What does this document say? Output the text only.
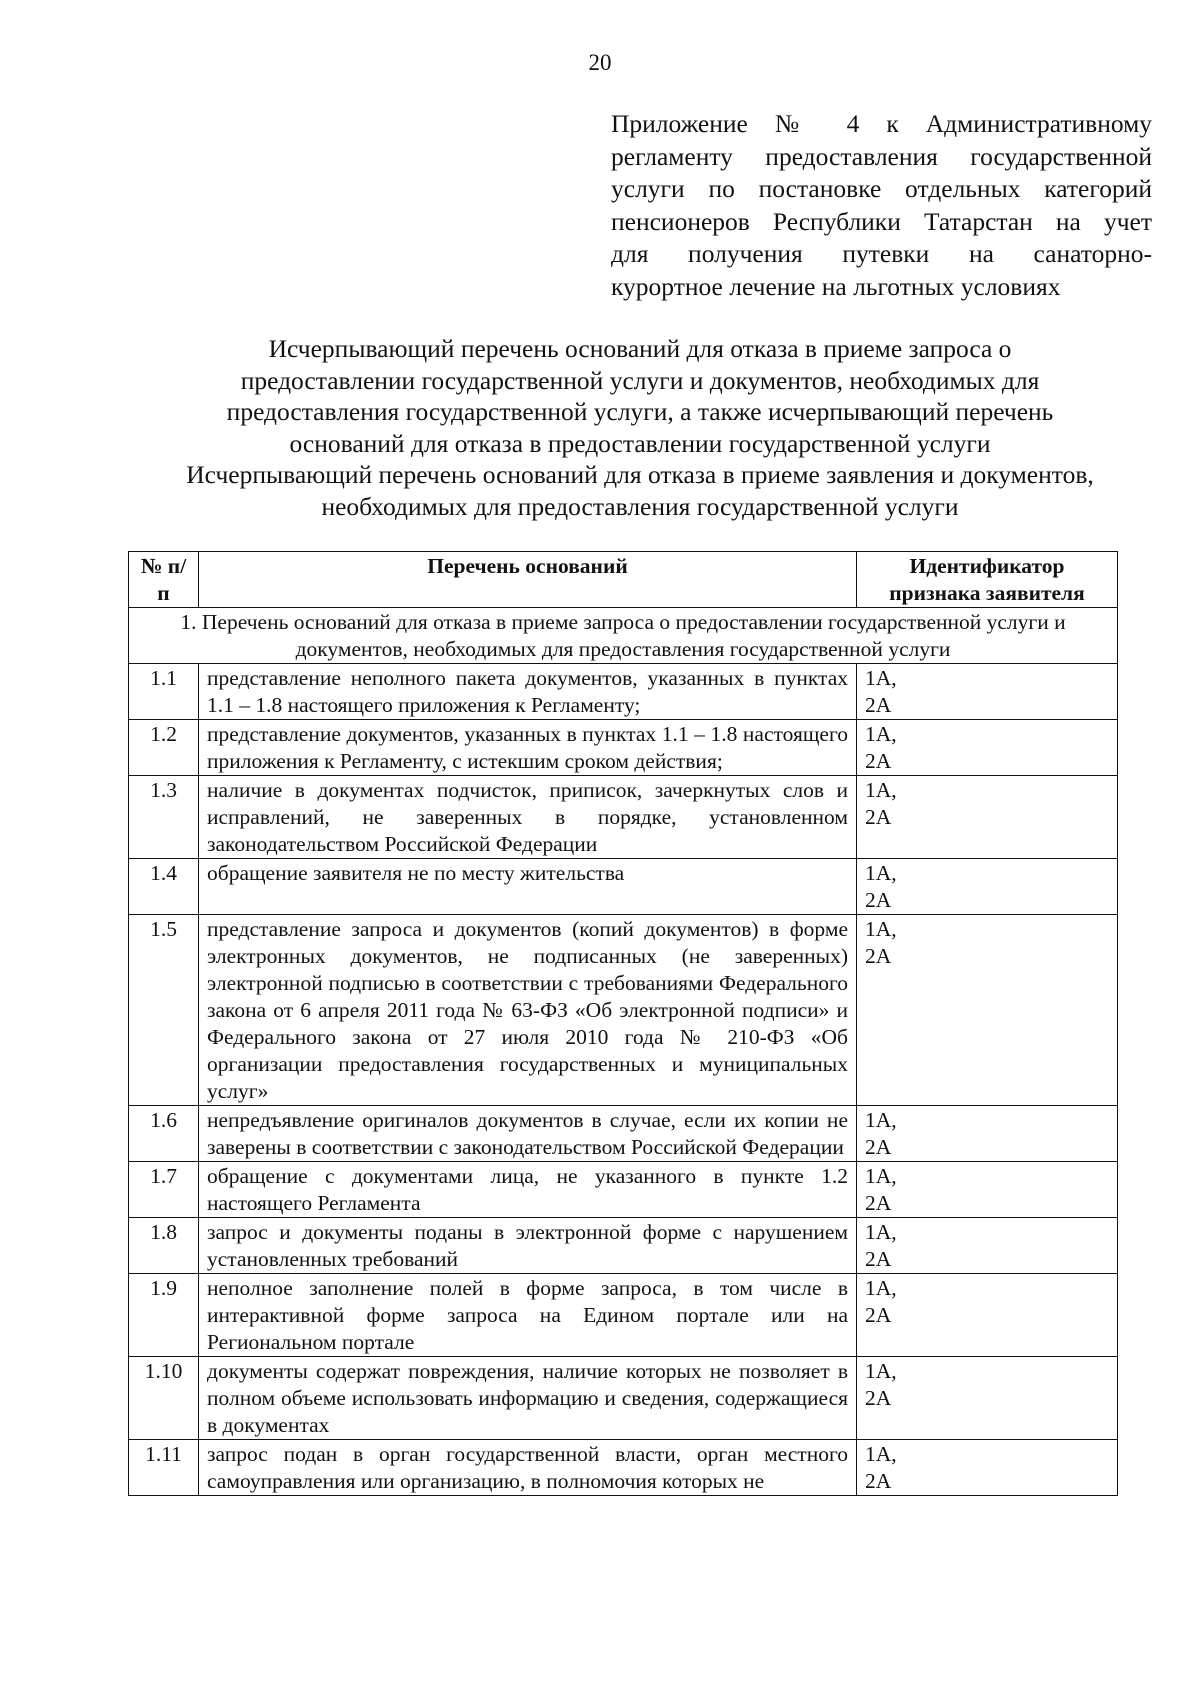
20
Приложение № 4 к Административному
регламенту предоставления государственной
услуги по постановке отдельных категорий
пенсионеров Республики Татарстан на учет
для получения путевки на санаторно-
курортное лечение на льготных условиях
Исчерпывающий перечень оснований для отказа в приеме запроса о
предоставлении государственной услуги и документов, необходимых для
предоставления государственной услуги, а также исчерпывающий перечень
оснований для отказа в предоставлении государственной услуги
Исчерпывающий перечень оснований для отказа в приеме заявления и документов,
необходимых для предоставления государственной услуги
№ п/п	Перечень оснований	Идентификатор признака заявителя
1. Перечень оснований для отказа в приеме запроса о предоставлении государственной услуги и документов, необходимых для предоставления государственной услуги		
1.1	представление неполного пакета документов, указанных в пунктах 1.1 – 1.8 настоящего приложения к Регламенту;	1А,
2А

1.2	представление документов, указанных в пунктах 1.1 – 1.8 настоящего приложения к Регламенту, с истекшим сроком действия;	1А,
2А

1.3	наличие в документах подчисток, приписок, зачеркнутых слов и исправлений, не заверенных в порядке, установленном законодательством Российской Федерации	1А,
2А

1.4	обращение заявителя не по месту жительства	1А,
2А

1.5	представление запроса и документов (копий документов) в форме электронных документов, не подписанных (не заверенных) электронной подписью в соответствии с требованиями Федерального закона от 6 апреля 2011 года № 63-ФЗ «Об электронной подписи» и Федерального закона от 27 июля 2010 года № 210-ФЗ «Об организации предоставления государственных и муниципальных услуг»	1А,
2А

1.6	непредъявление оригиналов документов в случае, если их копии не заверены в соответствии с законодательством Российской Федерации	1А,
2А

1.7	обращение с документами лица, не указанного в пункте 1.2 настоящего Регламента	1А,
2А

1.8	запрос и документы поданы в электронной форме с нарушением установленных требований	1А,
2А

1.9	неполное заполнение полей в форме запроса, в том числе в интерактивной форме запроса на Едином портале или на Региональном портале	1А,
2А

1.10	документы содержат повреждения, наличие которых не позволяет в полном объеме использовать информацию и сведения, содержащиеся в документах	1А,
2А

1.11	запрос подан в орган государственной власти, орган местного самоуправления или организацию, в полномочия которых не	1А,
2А
